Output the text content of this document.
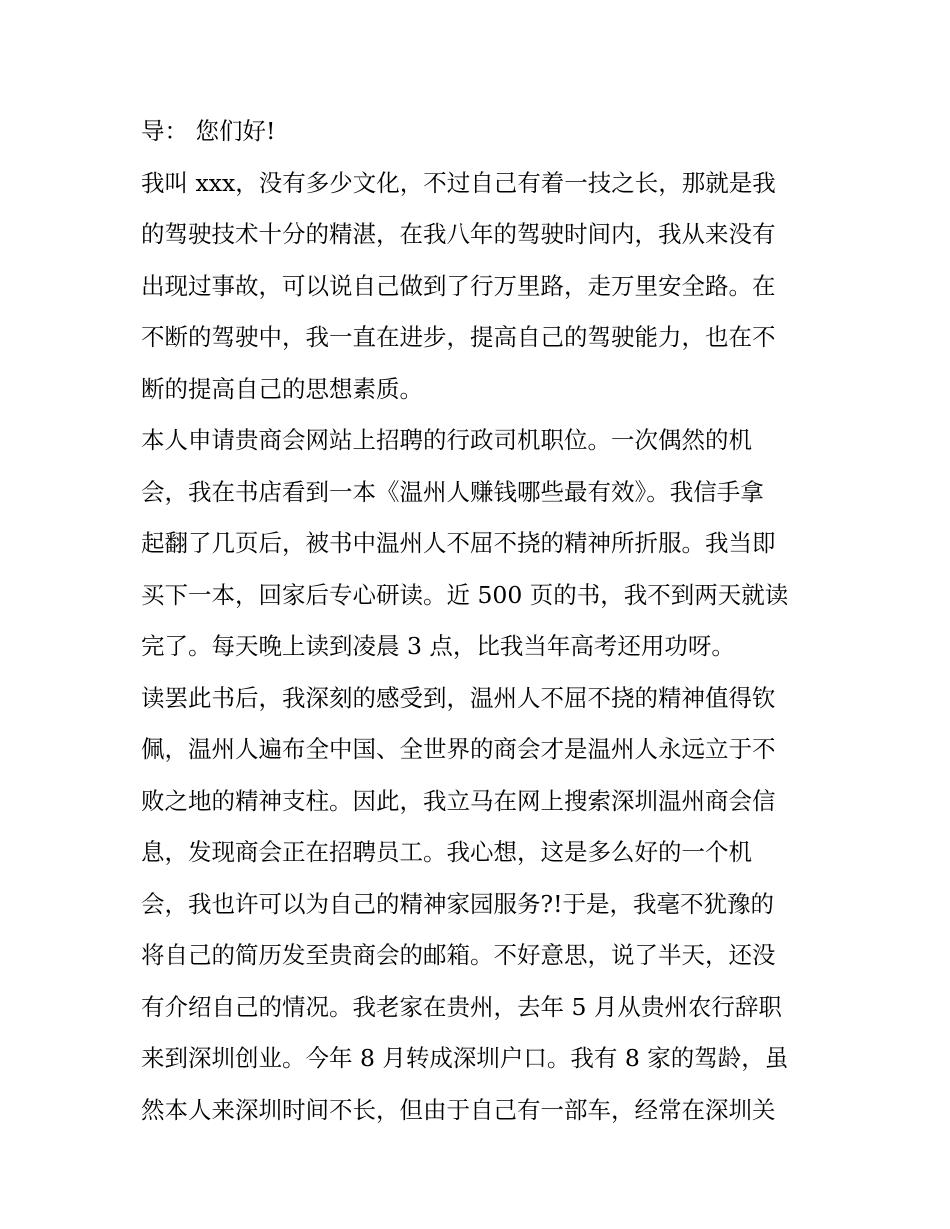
导： 您们好!
我叫 xxx，没有多少文化，不过自己有着一技之长，那就是我
的驾驶技术十分的精湛，在我八年的驾驶时间内，我从来没有
出现过事故，可以说自己做到了行万里路，走万里安全路。在
不断的驾驶中，我一直在进步，提高自己的驾驶能力，也在不
断的提高自己的思想素质。
本人申请贵商会网站上招聘的行政司机职位。一次偶然的机
会，我在书店看到一本《温州人赚钱哪些最有效》。我信手拿
起翻了几页后，被书中温州人不屈不挠的精神所折服。我当即
买下一本，回家后专心研读。近 500 页的书，我不到两天就读
完了。每天晚上读到凌晨 3 点，比我当年高考还用功呀。
读罢此书后，我深刻的感受到，温州人不屈不挠的精神值得钦
佩，温州人遍布全中国、全世界的商会才是温州人永远立于不
败之地的精神支柱。因此，我立马在网上搜索深圳温州商会信
息，发现商会正在招聘员工。我心想，这是多么好的一个机
会，我也许可以为自己的精神家园服务?!于是，我毫不犹豫的
将自己的简历发至贵商会的邮箱。不好意思，说了半天，还没
有介绍自己的情况。我老家在贵州，去年 5 月从贵州农行辞职
来到深圳创业。今年 8 月转成深圳户口。我有 8 家的驾龄，虽
然本人来深圳时间不长，但由于自己有一部车，经常在深圳关
